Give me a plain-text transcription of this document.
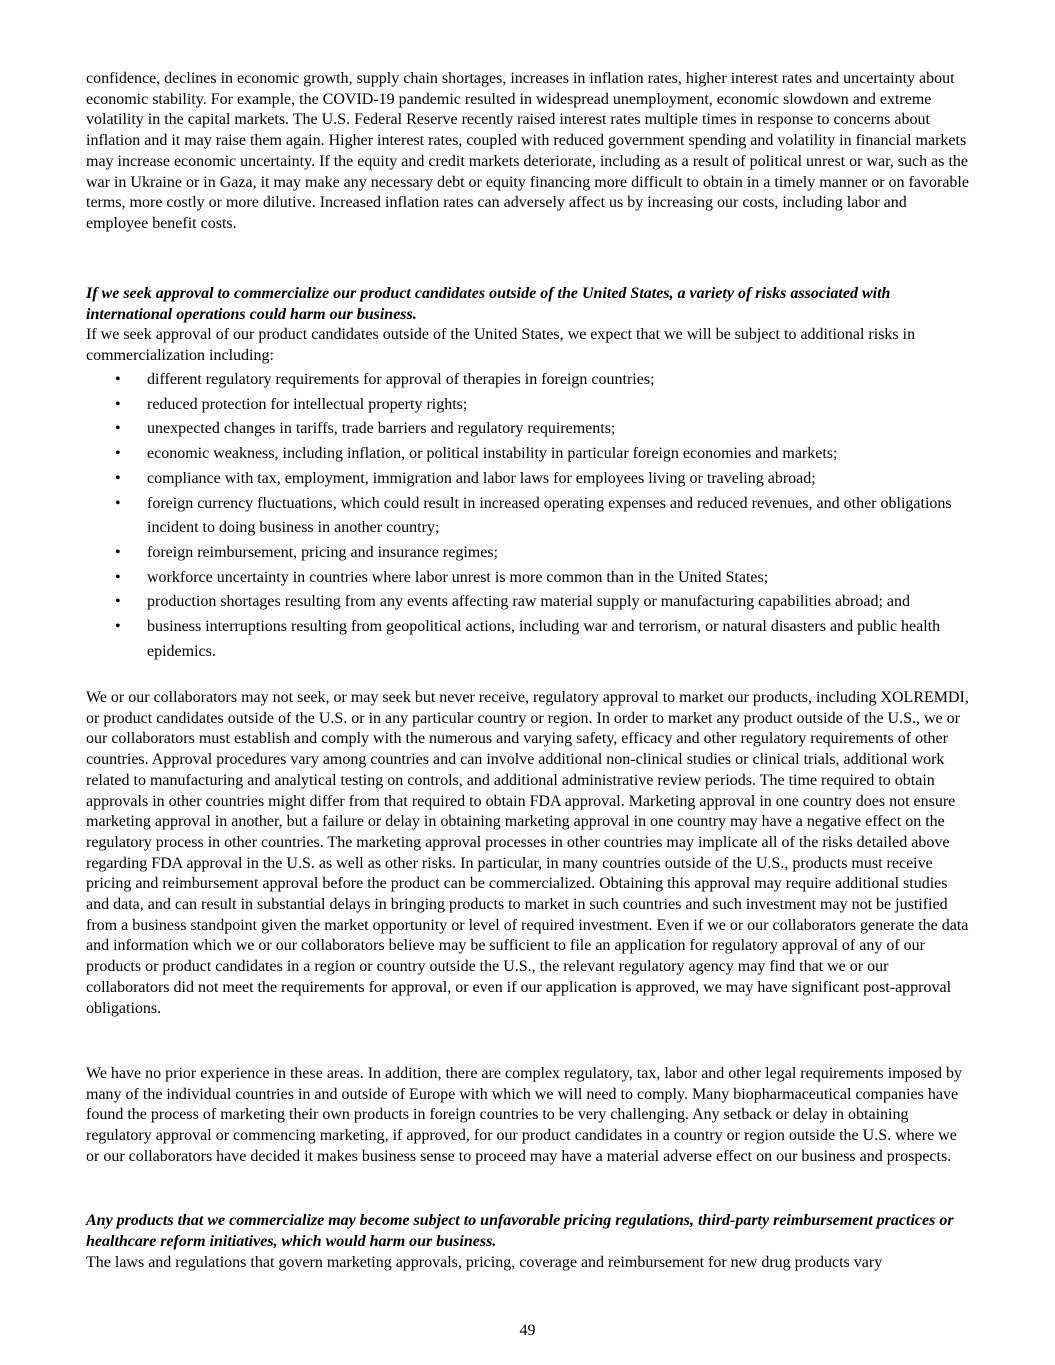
confidence, declines in economic growth, supply chain shortages, increases in inflation rates, higher interest rates and uncertainty about economic stability. For example, the COVID-19 pandemic resulted in widespread unemployment, economic slowdown and extreme volatility in the capital markets. The U.S. Federal Reserve recently raised interest rates multiple times in response to concerns about inflation and it may raise them again. Higher interest rates, coupled with reduced government spending and volatility in financial markets may increase economic uncertainty. If the equity and credit markets deteriorate, including as a result of political unrest or war, such as the war in Ukraine or in Gaza, it may make any necessary debt or equity financing more difficult to obtain in a timely manner or on favorable terms, more costly or more dilutive. Increased inflation rates can adversely affect us by increasing our costs, including labor and employee benefit costs.

If we seek approval to commercialize our product candidates outside of the United States, a variety of risks associated with international operations could harm our business.

If we seek approval of our product candidates outside of the United States, we expect that we will be subject to additional risks in commercialization including:

• different regulatory requirements for approval of therapies in foreign countries;
• reduced protection for intellectual property rights;
• unexpected changes in tariffs, trade barriers and regulatory requirements;
• economic weakness, including inflation, or political instability in particular foreign economies and markets;
• compliance with tax, employment, immigration and labor laws for employees living or traveling abroad;
• foreign currency fluctuations, which could result in increased operating expenses and reduced revenues, and other obligations incident to doing business in another country;
• foreign reimbursement, pricing and insurance regimes;
• workforce uncertainty in countries where labor unrest is more common than in the United States;
• production shortages resulting from any events affecting raw material supply or manufacturing capabilities abroad; and
• business interruptions resulting from geopolitical actions, including war and terrorism, or natural disasters and public health epidemics.

We or our collaborators may not seek, or may seek but never receive, regulatory approval to market our products, including XOLREMDI, or product candidates outside of the U.S. or in any particular country or region. In order to market any product outside of the U.S., we or our collaborators must establish and comply with the numerous and varying safety, efficacy and other regulatory requirements of other countries. Approval procedures vary among countries and can involve additional non-clinical studies or clinical trials, additional work related to manufacturing and analytical testing on controls, and additional administrative review periods. The time required to obtain approvals in other countries might differ from that required to obtain FDA approval. Marketing approval in one country does not ensure marketing approval in another, but a failure or delay in obtaining marketing approval in one country may have a negative effect on the regulatory process in other countries. The marketing approval processes in other countries may implicate all of the risks detailed above regarding FDA approval in the U.S. as well as other risks. In particular, in many countries outside of the U.S., products must receive pricing and reimbursement approval before the product can be commercialized. Obtaining this approval may require additional studies and data, and can result in substantial delays in bringing products to market in such countries and such investment may not be justified from a business standpoint given the market opportunity or level of required investment. Even if we or our collaborators generate the data and information which we or our collaborators believe may be sufficient to file an application for regulatory approval of any of our products or product candidates in a region or country outside the U.S., the relevant regulatory agency may find that we or our collaborators did not meet the requirements for approval, or even if our application is approved, we may have significant post-approval obligations.

We have no prior experience in these areas. In addition, there are complex regulatory, tax, labor and other legal requirements imposed by many of the individual countries in and outside of Europe with which we will need to comply. Many biopharmaceutical companies have found the process of marketing their own products in foreign countries to be very challenging. Any setback or delay in obtaining regulatory approval or commencing marketing, if approved, for our product candidates in a country or region outside the U.S. where we or our collaborators have decided it makes business sense to proceed may have a material adverse effect on our business and prospects.

Any products that we commercialize may become subject to unfavorable pricing regulations, third-party reimbursement practices or healthcare reform initiatives, which would harm our business.

The laws and regulations that govern marketing approvals, pricing, coverage and reimbursement for new drug products vary

49
